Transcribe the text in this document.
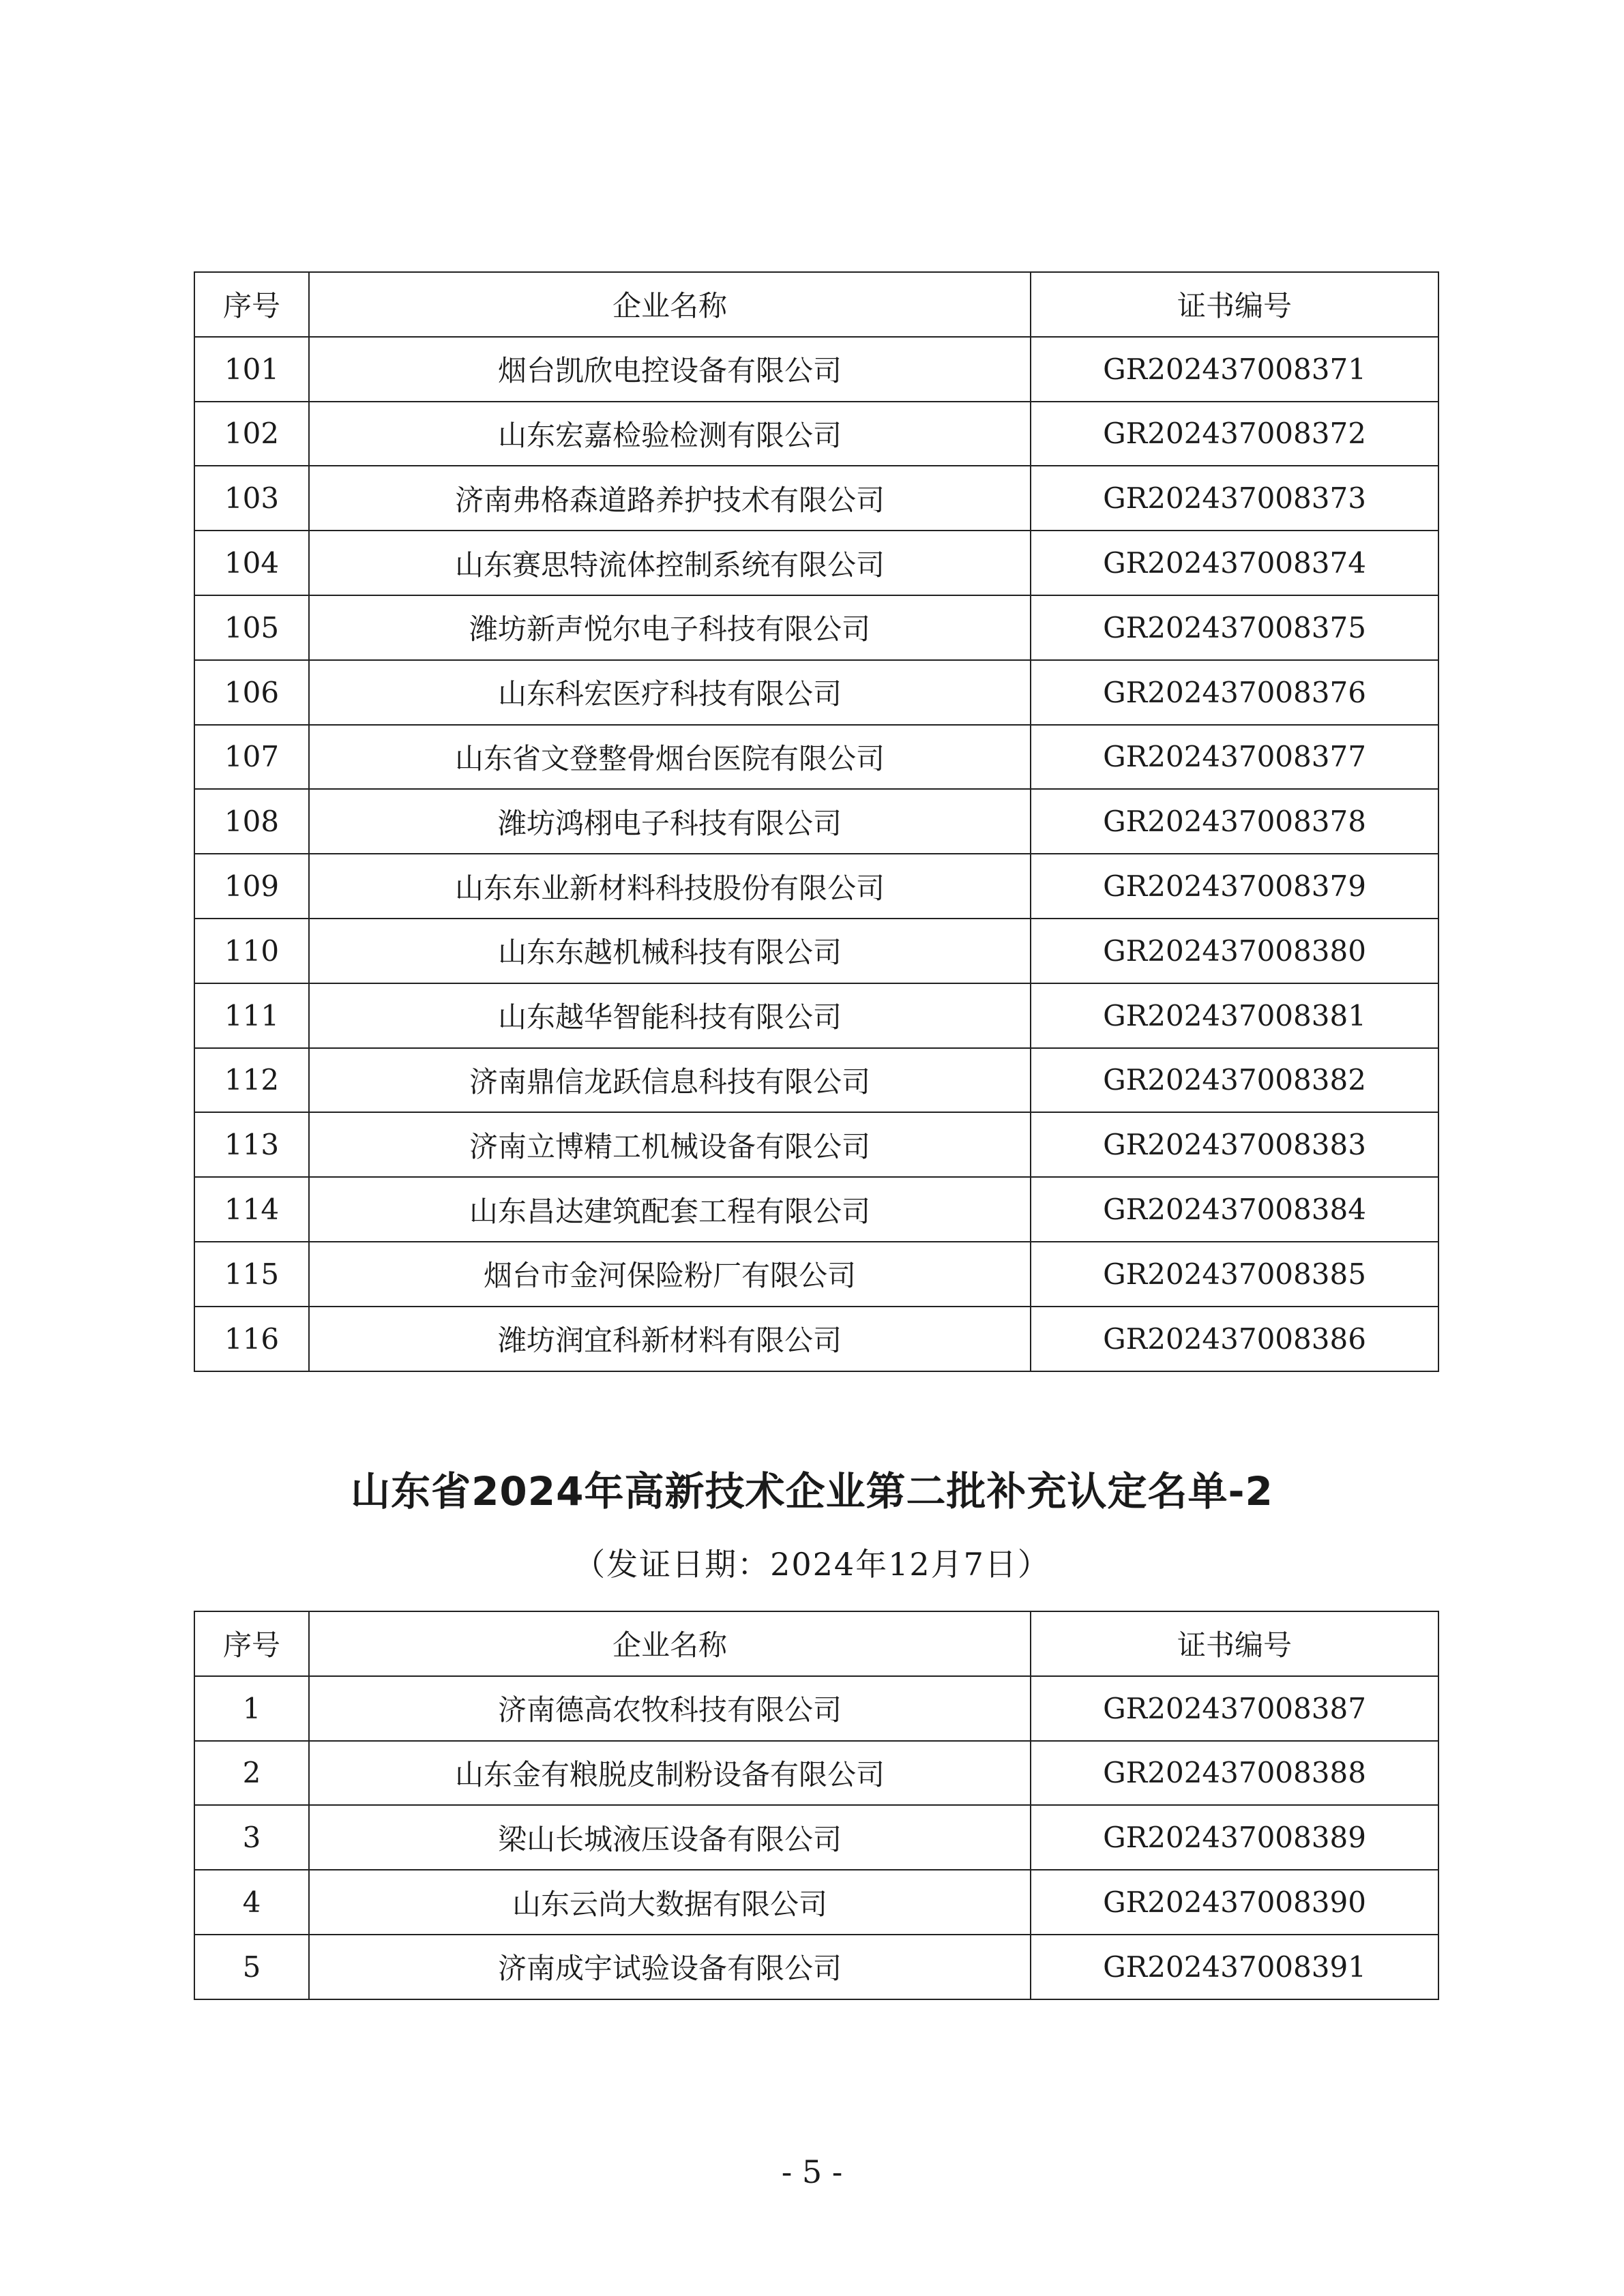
序号	企业名称	证书编号
101	烟台凯欣电控设备有限公司	GR202437008371
102	山东宏嘉检验检测有限公司	GR202437008372
103	济南弗格森道路养护技术有限公司	GR202437008373
104	山东赛思特流体控制系统有限公司	GR202437008374
105	潍坊新声悦尔电子科技有限公司	GR202437008375
106	山东科宏医疗科技有限公司	GR202437008376
107	山东省文登整骨烟台医院有限公司	GR202437008377
108	潍坊鸿栩电子科技有限公司	GR202437008378
109	山东东业新材料科技股份有限公司	GR202437008379
110	山东东越机械科技有限公司	GR202437008380
111	山东越华智能科技有限公司	GR202437008381
112	济南鼎信龙跃信息科技有限公司	GR202437008382
113	济南立博精工机械设备有限公司	GR202437008383
114	山东昌达建筑配套工程有限公司	GR202437008384
115	烟台市金河保险粉厂有限公司	GR202437008385
116	潍坊润宜科新材料有限公司	GR202437008386
山东省2024年高新技术企业第二批补充认定名单-2
（发证日期：2024年12月7日）
序号	企业名称	证书编号
1	济南德高农牧科技有限公司	GR202437008387
2	山东金有粮脱皮制粉设备有限公司	GR202437008388
3	梁山长城液压设备有限公司	GR202437008389
4	山东云尚大数据有限公司	GR202437008390
5	济南成宇试验设备有限公司	GR202437008391
- 5 -
